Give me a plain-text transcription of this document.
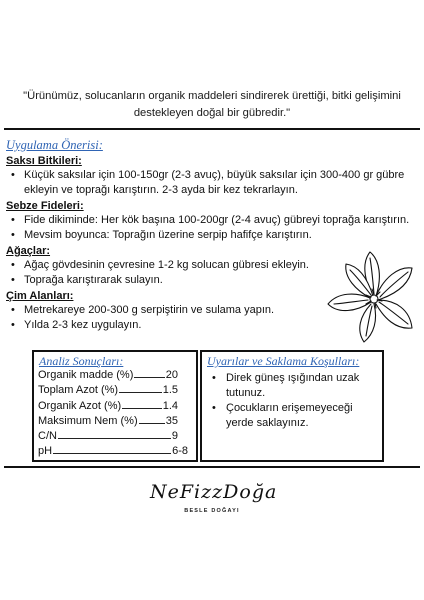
"Ürünümüz, solucanların organik maddeleri sindirerek ürettiği, bitki gelişimini
destekleyen doğal bir gübredir."
Uygulama Önerisi:
Saksı Bitkileri:
• Küçük saksılar için 100-150gr (2-3 avuç), büyük saksılar için 300-400 gr gübre ekleyin ve toprağı karıştırın. 2-3 ayda bir kez tekrarlayın.
Sebze Fideleri:
• Fide dikiminde: Her kök başına 100-200gr (2-4 avuç) gübreyi toprağa karıştırın.
• Mevsim boyunca: Toprağın üzerine serpip hafifçe karıştırın.
Ağaçlar:
• Ağaç gövdesinin çevresine 1-2 kg solucan gübresi ekleyin.
• Toprağa karıştırarak sulayın.
Çim Alanları:
• Metrekareye 200-300 g serpiştirin ve sulama yapın.
• Yılda 2-3 kez uygulayın.
Analiz Sonuçları:
Organik madde (%)	20
Toplam Azot (%)	1.5
Organik Azot (%)	1.4
Maksimum Nem (%)	35
C/N	9
pH	6-8
Uyarılar ve Saklama Koşulları:
• Direk güneş ışığından uzak tutunuz.
• Çocukların erişemeyeceği yerde saklayınız.
NeFizzDoğa
BESLE DOĞAYI
